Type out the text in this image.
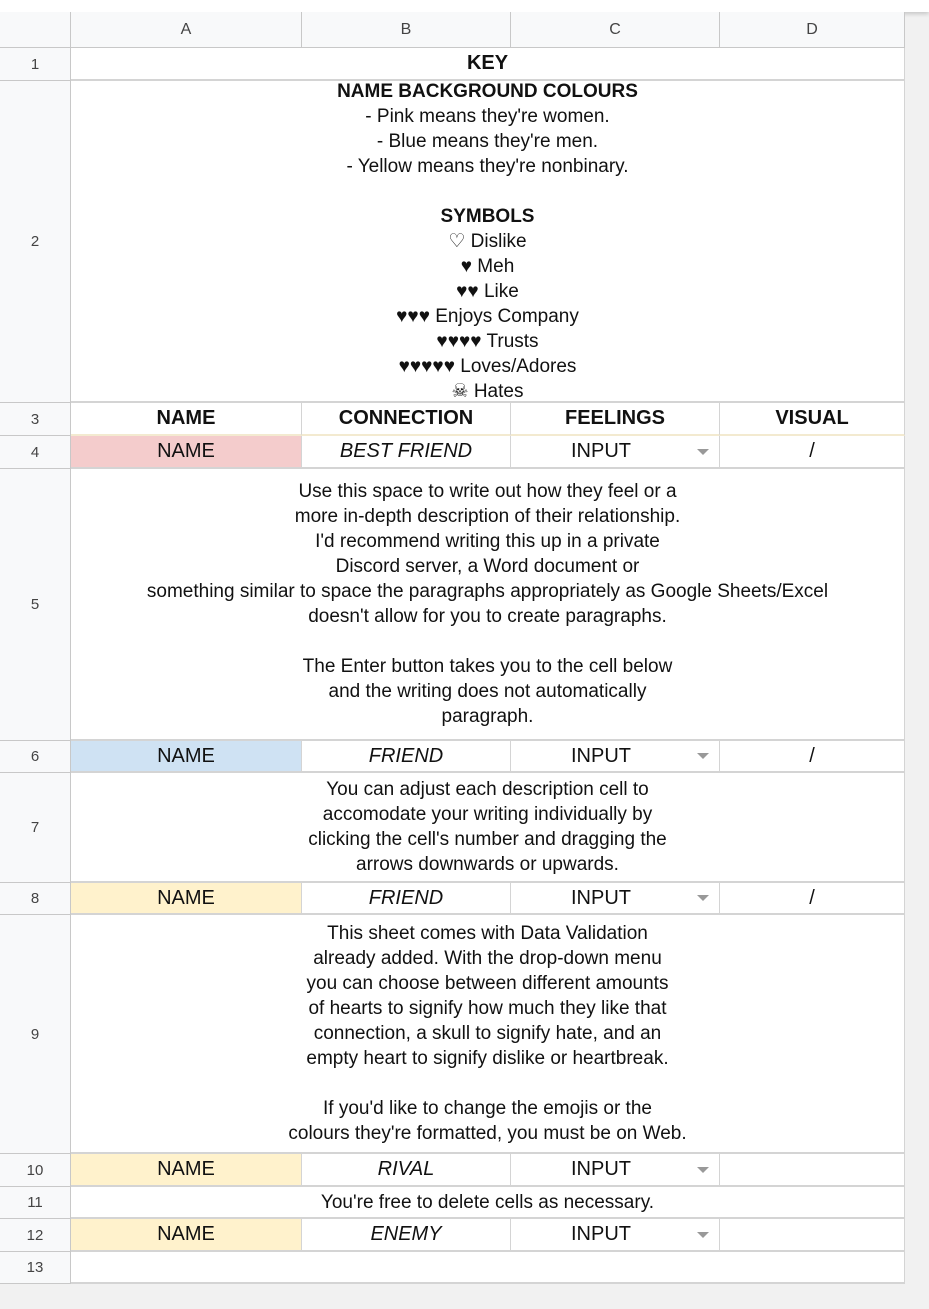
A	B	C	D
1	KEY
2
NAME BACKGROUND COLOURS
- Pink means they're women.
- Blue means they're men.
- Yellow means they're nonbinary.

SYMBOLS
♡ Dislike
♥ Meh
♥♥ Like
♥♥♥ Enjoys Company
♥♥♥♥ Trusts
♥♥♥♥♥ Loves/Adores
☠ Hates
3	NAME	CONNECTION	FEELINGS	VISUAL
4	NAME	BEST FRIEND	INPUT	/
5
Use this space to write out how they feel or a
more in-depth description of their relationship.
I'd recommend writing this up in a private
Discord server, a Word document or
something similar to space the paragraphs appropriately as Google Sheets/Excel
doesn't allow for you to create paragraphs.

The Enter button takes you to the cell below
and the writing does not automatically
paragraph.
6	NAME	FRIEND	INPUT	/
7
You can adjust each description cell to
accomodate your writing individually by
clicking the cell's number and dragging the
arrows downwards or upwards.
8	NAME	FRIEND	INPUT	/
9
This sheet comes with Data Validation
already added. With the drop-down menu
you can choose between different amounts
of hearts to signify how much they like that
connection, a skull to signify hate, and an
empty heart to signify dislike or heartbreak.

If you'd like to change the emojis or the
colours they're formatted, you must be on Web.
10	NAME	RIVAL	INPUT
11	You're free to delete cells as necessary.
12	NAME	ENEMY	INPUT
13
